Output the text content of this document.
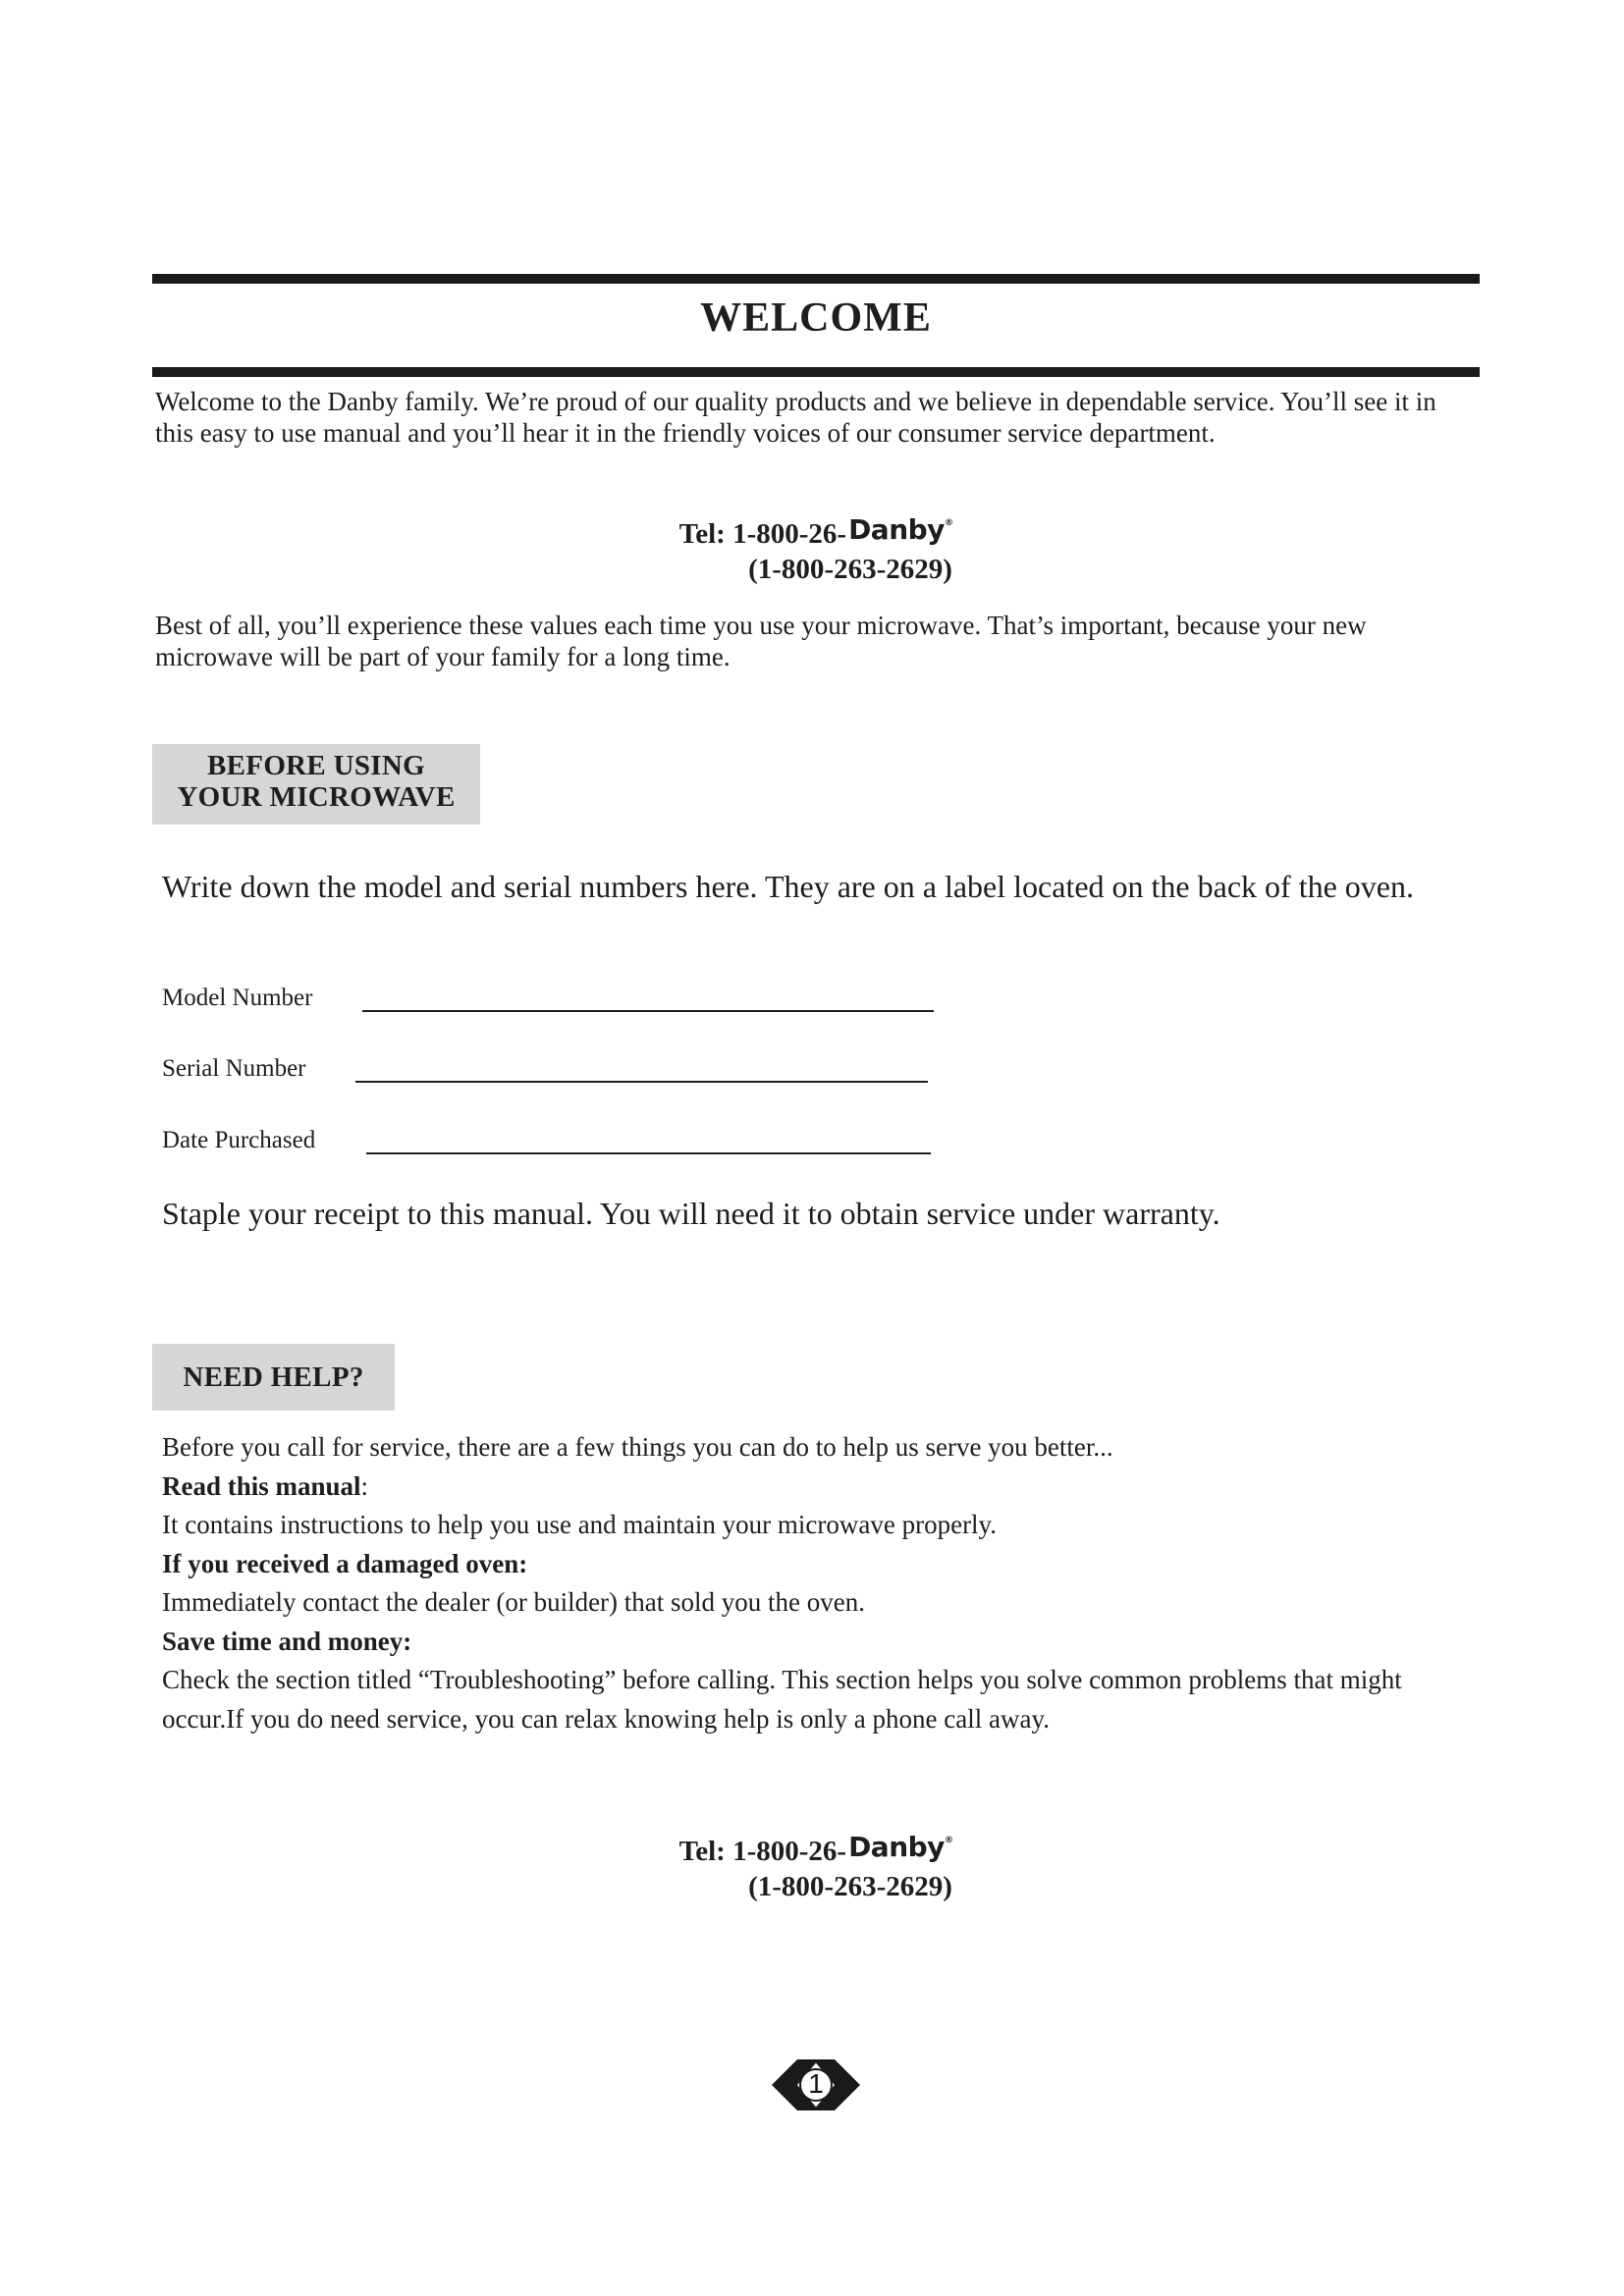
WELCOME
Welcome to the Danby family. We’re proud of our quality products and we believe in dependable service. You’ll see it in this easy to use manual and you’ll hear it in the friendly voices of our consumer service department.
Tel: 1-800-26-Danby®
(1-800-263-2629)
Best of all, you’ll experience these values each time you use your microwave. That’s important, because your new microwave will be part of your family for a long time.
BEFORE USING
YOUR MICROWAVE
Write down the model and serial numbers here. They are on a label located on the back of the oven.
Model Number
Serial Number
Date Purchased
Staple your receipt to this manual. You will need it to obtain service under warranty.
NEED HELP?
Before you call for service, there are a few things you can do to help us serve you better...
Read this manual:
It contains instructions to help you use and maintain your microwave properly.
If you received a damaged oven:
Immediately contact the dealer (or builder) that sold you the oven.
Save time and money:
Check the section titled “Troubleshooting” before calling. This section helps you solve common problems that might occur.If you do need service, you can relax knowing help is only a phone call away.
Tel: 1-800-26-Danby®
(1-800-263-2629)
1
